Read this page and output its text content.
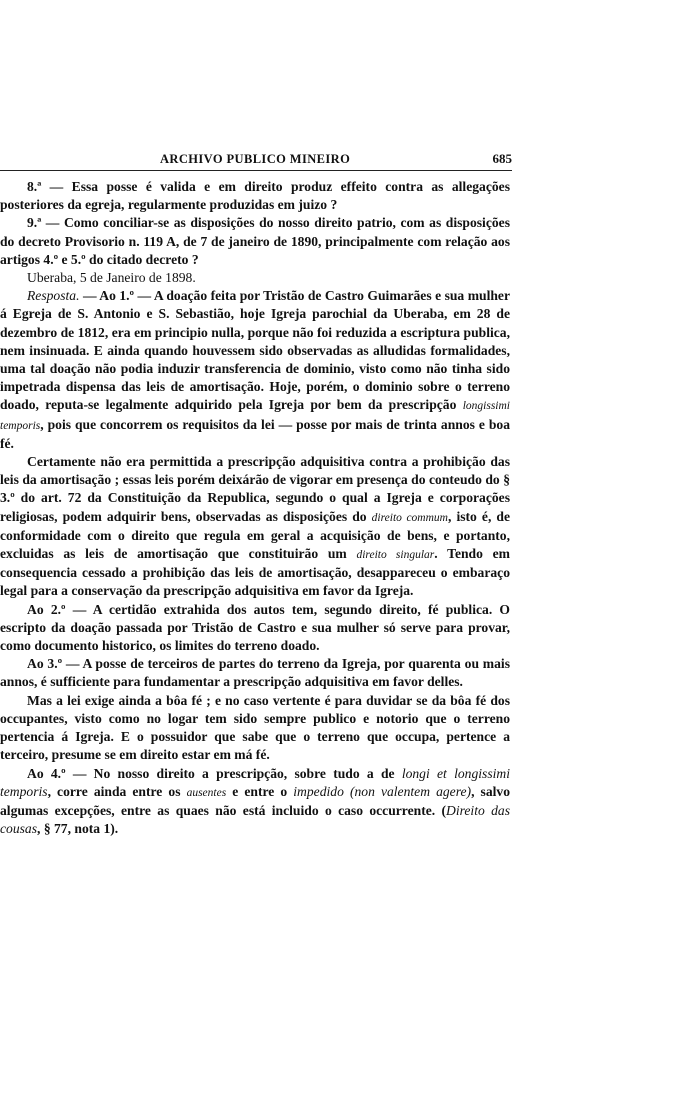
ARCHIVO PUBLICO MINEIRO	685

8.ª — Essa posse é valida e em direito produz effeito contra as allegações posteriores da egreja, regularmente produzidas em juizo ?

9.ª — Como conciliar-se as disposições do nosso direito patrio, com as disposições do decreto Provisorio n. 119 A, de 7 de janeiro de 1890, principalmente com relação aos artigos 4.º e 5.º do citado decreto ?

Uberaba, 5 de Janeiro de 1898.

Resposta. — Ao 1.º — A doação feita por Tristão de Castro Guimarães e sua mulher á Egreja de S. Antonio e S. Sebastião, hoje Igreja parochial da Uberaba, em 28 de dezembro de 1812, era em principio nulla, porque não foi reduzida a escriptura publica, nem insinuada. E ainda quando houvessem sido observadas as alludidas formalidades, uma tal doação não podia induzir transferencia de dominio, visto como não tinha sido impetrada dispensa das leis de amortisação. Hoje, porém, o dominio sobre o terreno doado, reputa-se legalmente adquirido pela Igreja por bem da prescripção longissimi temporis, pois que concorrem os requisitos da lei — posse por mais de trinta annos e boa fé.

Certamente não era permittida a prescripção adquisitiva contra a prohibição das leis da amortisação ; essas leis porém deixárão de vigorar em presença do conteudo do § 3.º do art. 72 da Constituição da Republica, segundo o qual a Igreja e corporações religiosas, podem adquirir bens, observadas as disposições do direito commum, isto é, de conformidade com o direito que regula em geral a acquisição de bens, e portanto, excluidas as leis de amortisação que constituirão um direito singular. Tendo em consequencia cessado a prohibição das leis de amortisação, desappareceu o embaraço legal para a conservação da prescripção adquisitiva em favor da Igreja.

Ao 2.º — A certidão extrahida dos autos tem, segundo direito, fé publica. O escripto da doação passada por Tristão de Castro e sua mulher só serve para provar, como documento historico, os limites do terreno doado.

Ao 3.º — A posse de terceiros de partes do terreno da Igreja, por quarenta ou mais annos, é sufficiente para fundamentar a prescripção adquisitiva em favor delles.

Mas a lei exige ainda a bôa fé ; e no caso vertente é para duvidar se da bôa fé dos occupantes, visto como no logar tem sido sempre publico e notorio que o terreno pertencia á Igreja. E o possuidor que sabe que o terreno que occupa, pertence a terceiro, presume se em direito estar em má fé.

Ao 4.º — No nosso direito a prescripção, sobre tudo a de longi et longissimi temporis, corre ainda entre os ausentes e entre o impedido (non valentem agere), salvo algumas excepções, entre as quaes não está incluido o caso occurrente. (Direito das cousas, § 77, nota 1).
